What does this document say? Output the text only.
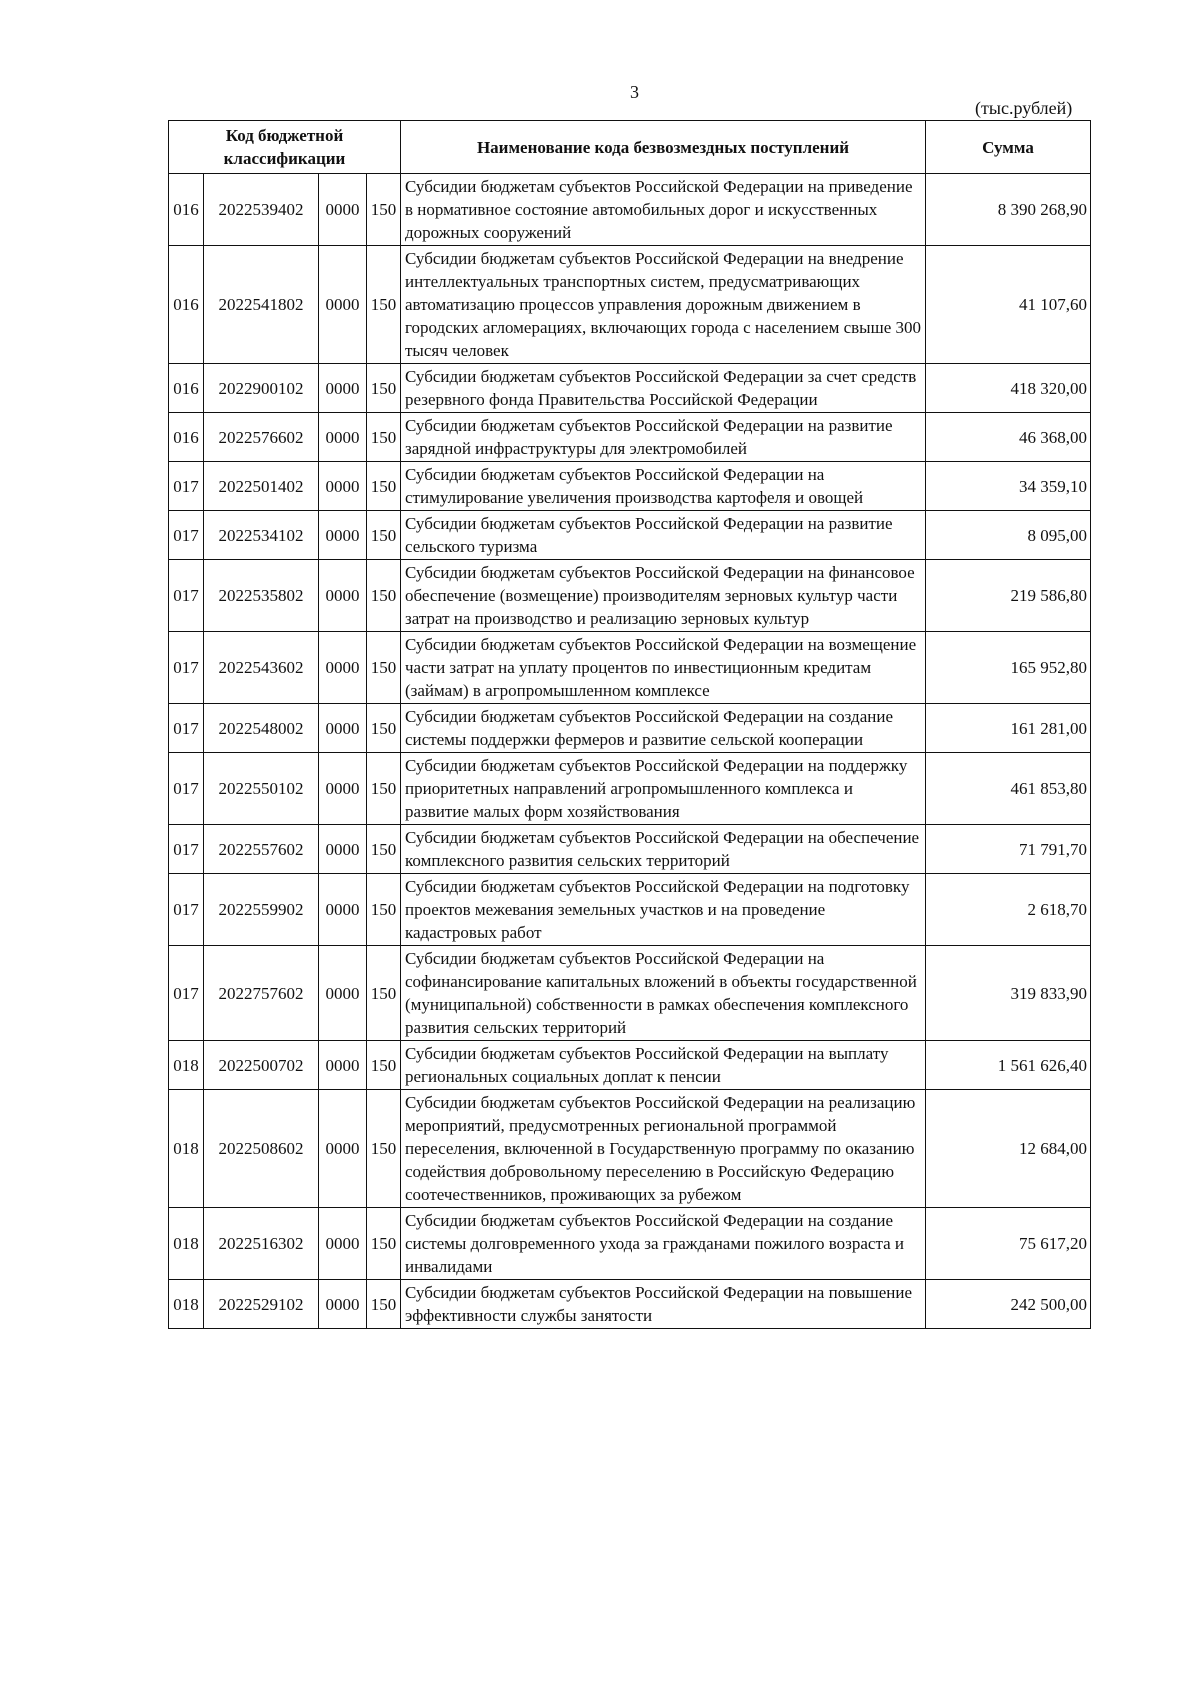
3
(тыс.рублей)
Код бюджетной классификации				Наименование кода безвозмездных поступлений	Сумма
016	2022539402	0000	150	Субсидии бюджетам субъектов Российской Федерации на приведение в нормативное состояние автомобильных дорог и искусственных дорожных сооружений	8 390 268,90
016	2022541802	0000	150	Субсидии бюджетам субъектов Российской Федерации на внедрение интеллектуальных транспортных систем, предусматривающих автоматизацию процессов управления дорожным движением в городских агломерациях, включающих города с населением свыше 300 тысяч человек	41 107,60
016	2022900102	0000	150	Субсидии бюджетам субъектов Российской Федерации за счет средств резервного фонда Правительства Российской Федерации	418 320,00
016	2022576602	0000	150	Субсидии бюджетам субъектов Российской Федерации на развитие зарядной инфраструктуры для электромобилей	46 368,00
017	2022501402	0000	150	Субсидии бюджетам субъектов Российской Федерации на стимулирование увеличения производства картофеля и овощей	34 359,10
017	2022534102	0000	150	Субсидии бюджетам субъектов Российской Федерации на развитие сельского туризма	8 095,00
017	2022535802	0000	150	Субсидии бюджетам субъектов Российской Федерации на финансовое обеспечение (возмещение) производителям зерновых культур части затрат на производство и реализацию зерновых культур	219 586,80
017	2022543602	0000	150	Субсидии бюджетам субъектов Российской Федерации на возмещение части затрат на уплату процентов по инвестиционным кредитам (займам) в агропромышленном комплексе	165 952,80
017	2022548002	0000	150	Субсидии бюджетам субъектов Российской Федерации на создание системы поддержки фермеров и развитие сельской кооперации	161 281,00
017	2022550102	0000	150	Субсидии бюджетам субъектов Российской Федерации на поддержку приоритетных направлений агропромышленного комплекса и развитие малых форм хозяйствования	461 853,80
017	2022557602	0000	150	Субсидии бюджетам субъектов Российской Федерации на обеспечение комплексного развития сельских территорий	71 791,70
017	2022559902	0000	150	Субсидии бюджетам субъектов Российской Федерации на подготовку проектов межевания земельных участков и на проведение кадастровых работ	2 618,70
017	2022757602	0000	150	Субсидии бюджетам субъектов Российской Федерации на софинансирование капитальных вложений в объекты государственной (муниципальной) собственности в рамках обеспечения комплексного развития сельских территорий	319 833,90
018	2022500702	0000	150	Субсидии бюджетам субъектов Российской Федерации на выплату региональных социальных доплат к пенсии	1 561 626,40
018	2022508602	0000	150	Субсидии бюджетам субъектов Российской Федерации на реализацию мероприятий, предусмотренных региональной программой переселения, включенной в Государственную программу по оказанию содействия добровольному переселению в Российскую Федерацию соотечественников, проживающих за рубежом	12 684,00
018	2022516302	0000	150	Субсидии бюджетам субъектов Российской Федерации на создание системы долговременного ухода за гражданами пожилого возраста и инвалидами	75 617,20
018	2022529102	0000	150	Субсидии бюджетам субъектов Российской Федерации на повышение эффективности службы занятости	242 500,00
